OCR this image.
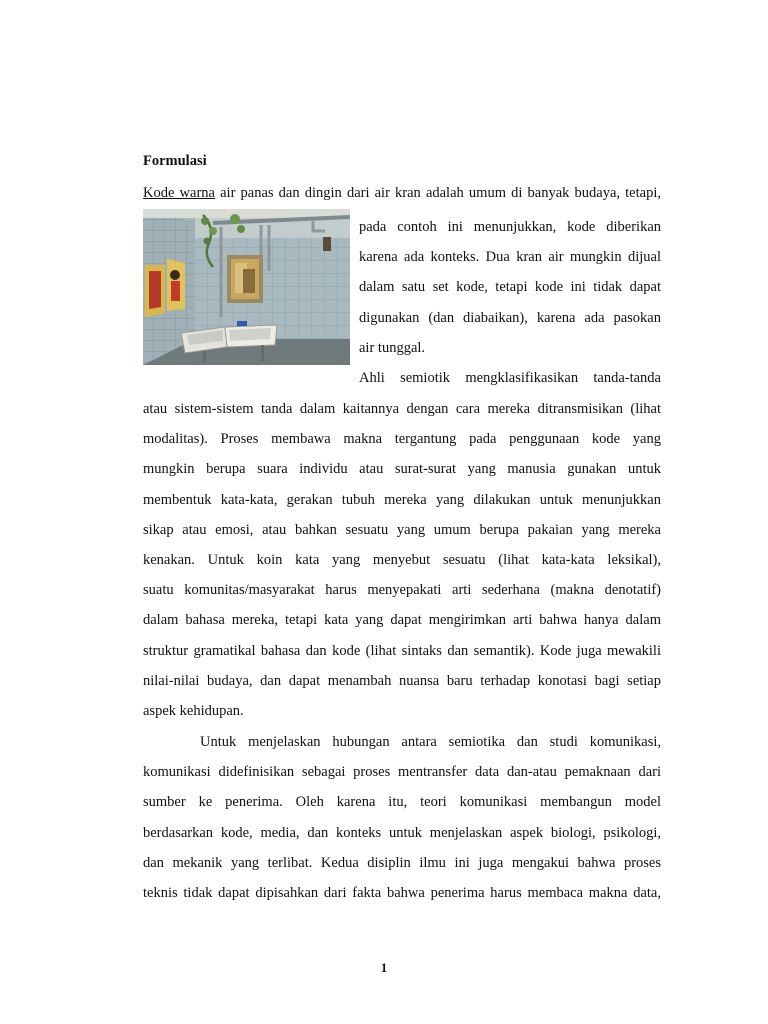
Formulasi
Kode warna air panas dan dingin dari air kran adalah umum di banyak budaya, tetapi,
pada contoh ini menunjukkan, kode diberikan
karena ada konteks. Dua kran air mungkin dijual
dalam satu set kode, tetapi kode ini tidak dapat
digunakan (dan diabaikan), karena ada pasokan
air tunggal.
Ahli semiotik mengklasifikasikan tanda-tanda
atau sistem-sistem tanda dalam kaitannya dengan cara mereka ditransmisikan (lihat
modalitas). Proses membawa makna tergantung pada penggunaan kode yang
mungkin berupa suara individu atau surat-surat yang manusia gunakan untuk
membentuk kata-kata, gerakan tubuh mereka yang dilakukan untuk menunjukkan
sikap atau emosi, atau bahkan sesuatu yang umum berupa pakaian yang mereka
kenakan. Untuk koin kata yang menyebut sesuatu (lihat kata-kata leksikal),
suatu komunitas/masyarakat harus menyepakati arti sederhana (makna denotatif)
dalam bahasa mereka, tetapi kata yang dapat mengirimkan arti bahwa hanya dalam
struktur gramatikal bahasa dan kode (lihat sintaks dan semantik). Kode juga mewakili
nilai-nilai budaya, dan dapat menambah nuansa baru terhadap konotasi bagi setiap
aspek kehidupan.
Untuk menjelaskan hubungan antara semiotika dan studi komunikasi,
komunikasi didefinisikan sebagai proses mentransfer data dan-atau pemaknaan dari
sumber ke penerima. Oleh karena itu, teori komunikasi membangun model
berdasarkan kode, media, dan konteks untuk menjelaskan aspek biologi, psikologi,
dan mekanik yang terlibat. Kedua disiplin ilmu ini juga mengakui bahwa proses
teknis tidak dapat dipisahkan dari fakta bahwa penerima harus membaca makna data,
1
